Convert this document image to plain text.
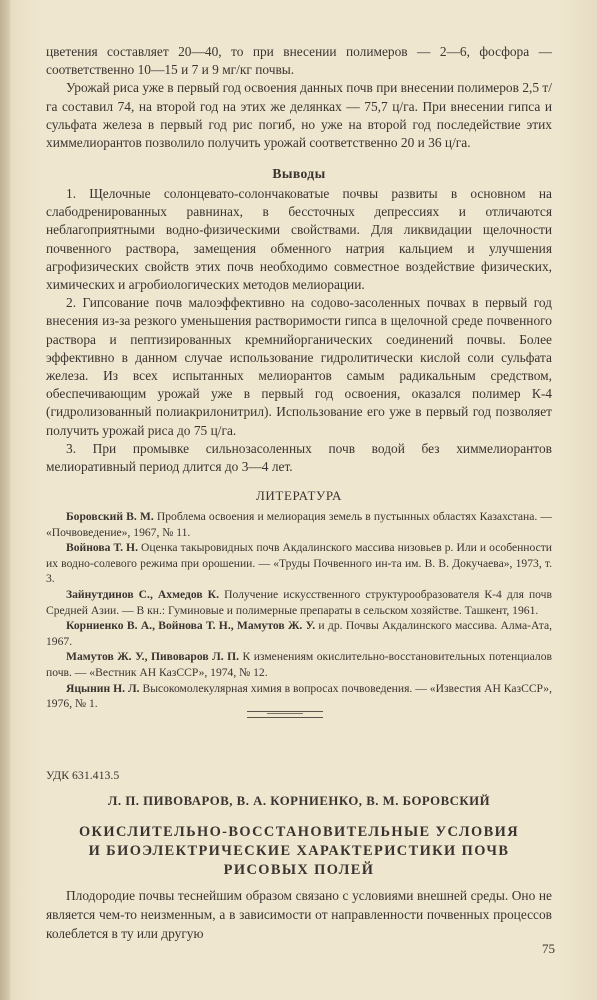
цветения составляет 20—40, то при внесении полимеров — 2—6, фосфора — соответственно 10—15 и 7 и 9 мг/кг почвы.

Урожай риса уже в первый год освоения данных почв при внесении полимеров 2,5 т/га составил 74, на второй год на этих же делянках — 75,7 ц/га. При внесении гипса и сульфата железа в первый год рис погиб, но уже на второй год последействие этих химмелиорантов позволило получить урожай соответственно 20 и 36 ц/га.

Выводы

1. Щелочные солонцевато-солончаковатые почвы развиты в основном на слабодренированных равнинах, в бессточных депрессиях и отличаются неблагоприятными водно-физическими свойствами. Для ликвидации щелочности почвенного раствора, замещения обменного натрия кальцием и улучшения агрофизических свойств этих почв необходимо совместное воздействие физических, химических и агробиологических методов мелиорации.

2. Гипсование почв малоэффективно на содово-засоленных почвах в первый год внесения из-за резкого уменьшения растворимости гипса в щелочной среде почвенного раствора и пептизированных кремнийорганических соединений почвы. Более эффективно в данном случае использование гидролитически кислой соли сульфата железа. Из всех испытанных мелиорантов самым радикальным средством, обеспечивающим урожай уже в первый год освоения, оказался полимер К-4 (гидролизованный полиакрилонитрил). Использование его уже в первый год позволяет получить урожай риса до 75 ц/га.

3. При промывке сильнозасоленных почв водой без химмелиорантов мелиоративный период длится до 3—4 лет.

ЛИТЕРАТУРА

Боровский В. М. Проблема освоения и мелиорация земель в пустынных областях Казахстана. — «Почвоведение», 1967, № 11.

Войнова Т. Н. Оценка такыровидных почв Акдалинского массива низовьев р. Или и особенности их водно-солевого режима при орошении. — «Труды Почвенного ин-та им. В. В. Докучаева», 1973, т. 3.

Зайнутдинов С., Ахмедов К. Получение искусственного структурообразователя К-4 для почв Средней Азии. — В кн.: Гуминовые и полимерные препараты в сельском хозяйстве. Ташкент, 1961.

Корниенко В. А., Войнова Т. Н., Мамутов Ж. У. и др. Почвы Акдалинского массива. Алма-Ата, 1967.

Мамутов Ж. У., Пивоваров Л. П. К изменениям окислительно-восстановительных потенциалов почв. — «Вестник АН КазССР», 1974, № 12.

Яцынин Н. Л. Высокомолекулярная химия в вопросах почвоведения. — «Известия АН КазССР», 1976, № 1.

УДК 631.413.5
Л. П. ПИВОВАРОВ, В. А. КОРНИЕНКО, В. М. БОРОВСКИЙ
ОКИСЛИТЕЛЬНО-ВОССТАНОВИТЕЛЬНЫЕ УСЛОВИЯ
И БИОЭЛЕКТРИЧЕСКИЕ ХАРАКТЕРИСТИКИ ПОЧВ
РИСОВЫХ ПОЛЕЙ

Плодородие почвы теснейшим образом связано с условиями внешней среды. Оно не является чем-то неизменным, а в зависимости от направленности почвенных процессов колеблется в ту или другую

75
